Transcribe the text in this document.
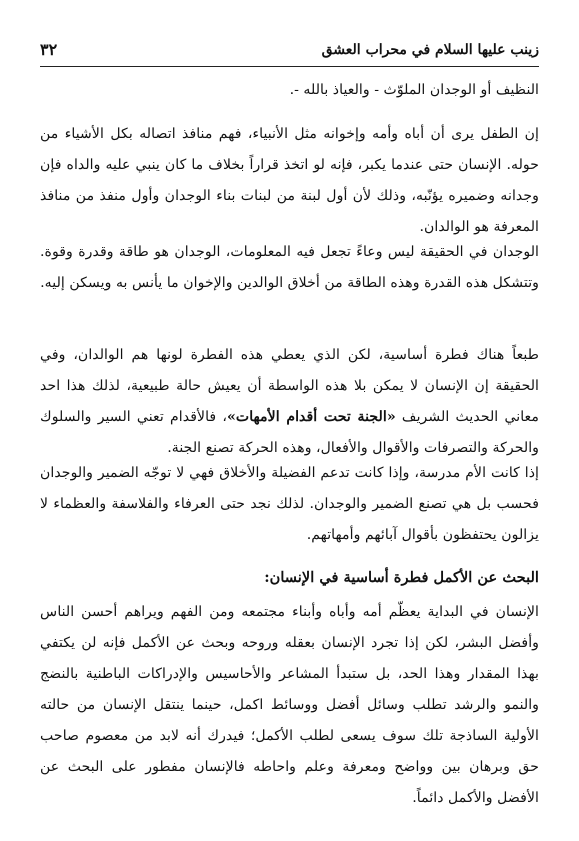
زينب عليها السلام في محراب العشق
٣٢

النظيف أو الوجدان الملوّث - والعياذ بالله -.

إن الطفل يرى أن أباه وأمه وإخوانه مثل الأنبياء، فهم منافذ اتصاله بكل الأشياء من حوله. الإنسان حتى عندما يكبر، فإنه لو اتخذ قراراً بخلاف ما كان ينبي عليه والداه فإن وجدانه وضميره يؤنّبه، وذلك لأن أول لبنة من لبنات بناء الوجدان وأول منفذ من منافذ المعرفة هو الوالدان.

الوجدان في الحقيقة ليس وعاءً تجعل فيه المعلومات، الوجدان هو طاقة وقدرة وقوة. وتتشكل هذه القدرة وهذه الطاقة من أخلاق الوالدين والإخوان ما يأنس به ويسكن إليه.

طبعاً هناك فطرة أساسية، لكن الذي يعطي هذه الفطرة لونها هم الوالدان، وفي الحقيقة إن الإنسان لا يمكن بلا هذه الواسطة أن يعيش حالة طبيعية، لذلك هذا احد معاني الحديث الشريف «الجنة تحت أقدام الأمهات»، فالأقدام تعني السير والسلوك والحركة والتصرفات والأقوال والأفعال، وهذه الحركة تصنع الجنة.

إذا كانت الأم مدرسة، وإذا كانت تدعم الفضيلة والأخلاق فهي لا توجّه الضمير والوجدان فحسب بل هي تصنع الضمير والوجدان. لذلك نجد حتى العرفاء والفلاسفة والعظماء لا يزالون يحتفظون بأقوال آبائهم وأمهاتهم.

البحث عن الأكمل فطرة أساسية في الإنسان:

الإنسان في البداية يعظّم أمه وأباه وأبناء مجتمعه ومن الفهم ويراهم أحسن الناس وأفضل البشر، لكن إذا تجرد الإنسان بعقله وروحه وبحث عن الأكمل فإنه لن يكتفي بهذا المقدار وهذا الحد، بل ستبدأ المشاعر والأحاسيس والإدراكات الباطنية بالنضج والنمو والرشد تطلب وسائل أفضل ووسائط اكمل، حينما ينتقل الإنسان من حالته الأولية الساذجة تلك سوف يسعى لطلب الأكمل؛ فيدرك أنه لابد من معصوم صاحب حق وبرهان بين وواضح ومعرفة وعلم واحاطه فالإنسان مفطور على البحث عن الأفضل والأكمل دائماً.
